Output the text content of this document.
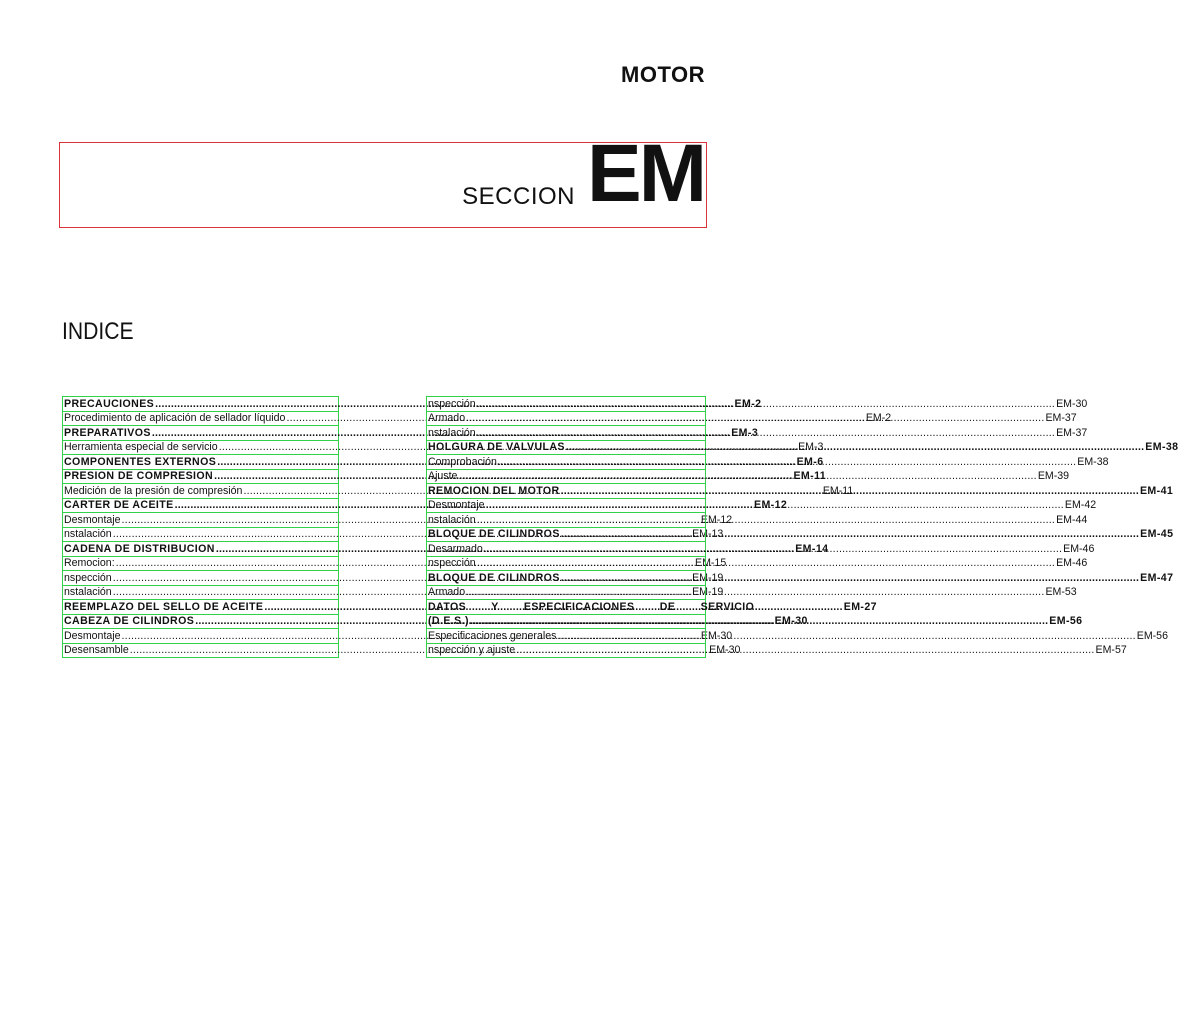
MOTOR
SECCION EM
INDICE
PRECAUCIONES .....	EM-2
Procedimiento de aplicación de sellador líquido .....	EM-2
PREPARATIVOS .....	EM-3
Herramienta especial de servicio .....	EM-3
COMPONENTES EXTERNOS .....	EM-6
PRESION DE COMPRESION .....	EM-11
Medición de la presión de compresión .....	EM-11
CARTER DE ACEITE .....	EM-12
Desmontaje .....	EM-12
nstalación .....	EM-13
CADENA DE DISTRIBUCION .....	EM-14
Remocion: .....	EM-15
nspección .....	EM-19
nstalación .....	EM-19
REEMPLAZO DEL SELLO DE ACEITE .....	EM-27
CABEZA DE CILINDROS .....	EM-30
Desmontaje .....	EM-30
Desensamble .....	EM-30
nspección .....	EM-30
Armado .....	EM-37
nstalación .....	EM-37
HOLGURA DE VALVULAS .....	EM-38
Comprobación .....	EM-38
Ajuste .....	EM-39
REMOCION DEL MOTOR .....	EM-41
Desmontaje .....	EM-42
nstalación .....	EM-44
BLOQUE DE CILINDROS .....	EM-45
Desarmado .....	EM-46
nspección .....	EM-46
BLOQUE DE CILINDROS .....	EM-47
Armado .....	EM-53
DATOS Y ESPECIFICACIONES DE SERVICIO
(D.E.S.) .....	EM-56
Especificaciones generales .....	EM-56
nspección y ajuste .....	EM-57
